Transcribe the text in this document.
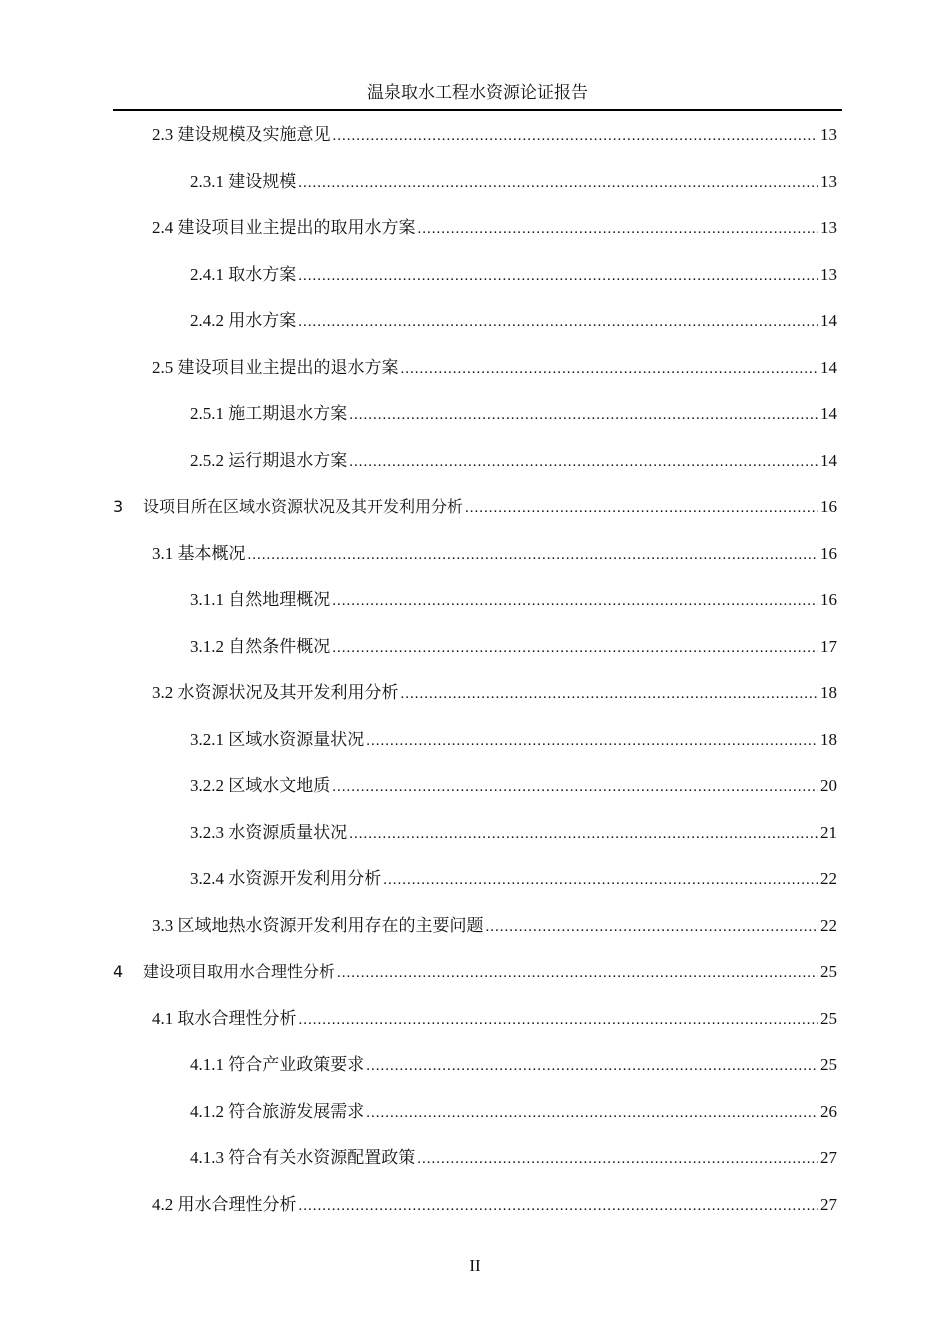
温泉取水工程水资源论证报告
2.3 建设规模及实施意见 .....	13
2.3.1 建设规模 .....	13
2.4 建设项目业主提出的取用水方案 .....	13
2.4.1 取水方案 .....	13
2.4.2 用水方案 .....	14
2.5 建设项目业主提出的退水方案 .....	14
2.5.1 施工期退水方案 .....	14
2.5.2 运行期退水方案 .....	14
3 设项目所在区域水资源状况及其开发利用分析 .....	16
3.1 基本概况 .....	16
3.1.1 自然地理概况 .....	16
3.1.2 自然条件概况 .....	17
3.2 水资源状况及其开发利用分析 .....	18
3.2.1 区域水资源量状况 .....	18
3.2.2 区域水文地质 .....	20
3.2.3 水资源质量状况 .....	21
3.2.4 水资源开发利用分析 .....	22
3.3 区域地热水资源开发利用存在的主要问题 .....	22
4 建设项目取用水合理性分析 .....	25
4.1 取水合理性分析 .....	25
4.1.1 符合产业政策要求 .....	25
4.1.2 符合旅游发展需求 .....	26
4.1.3 符合有关水资源配置政策 .....	27
4.2 用水合理性分析 .....	27
II
